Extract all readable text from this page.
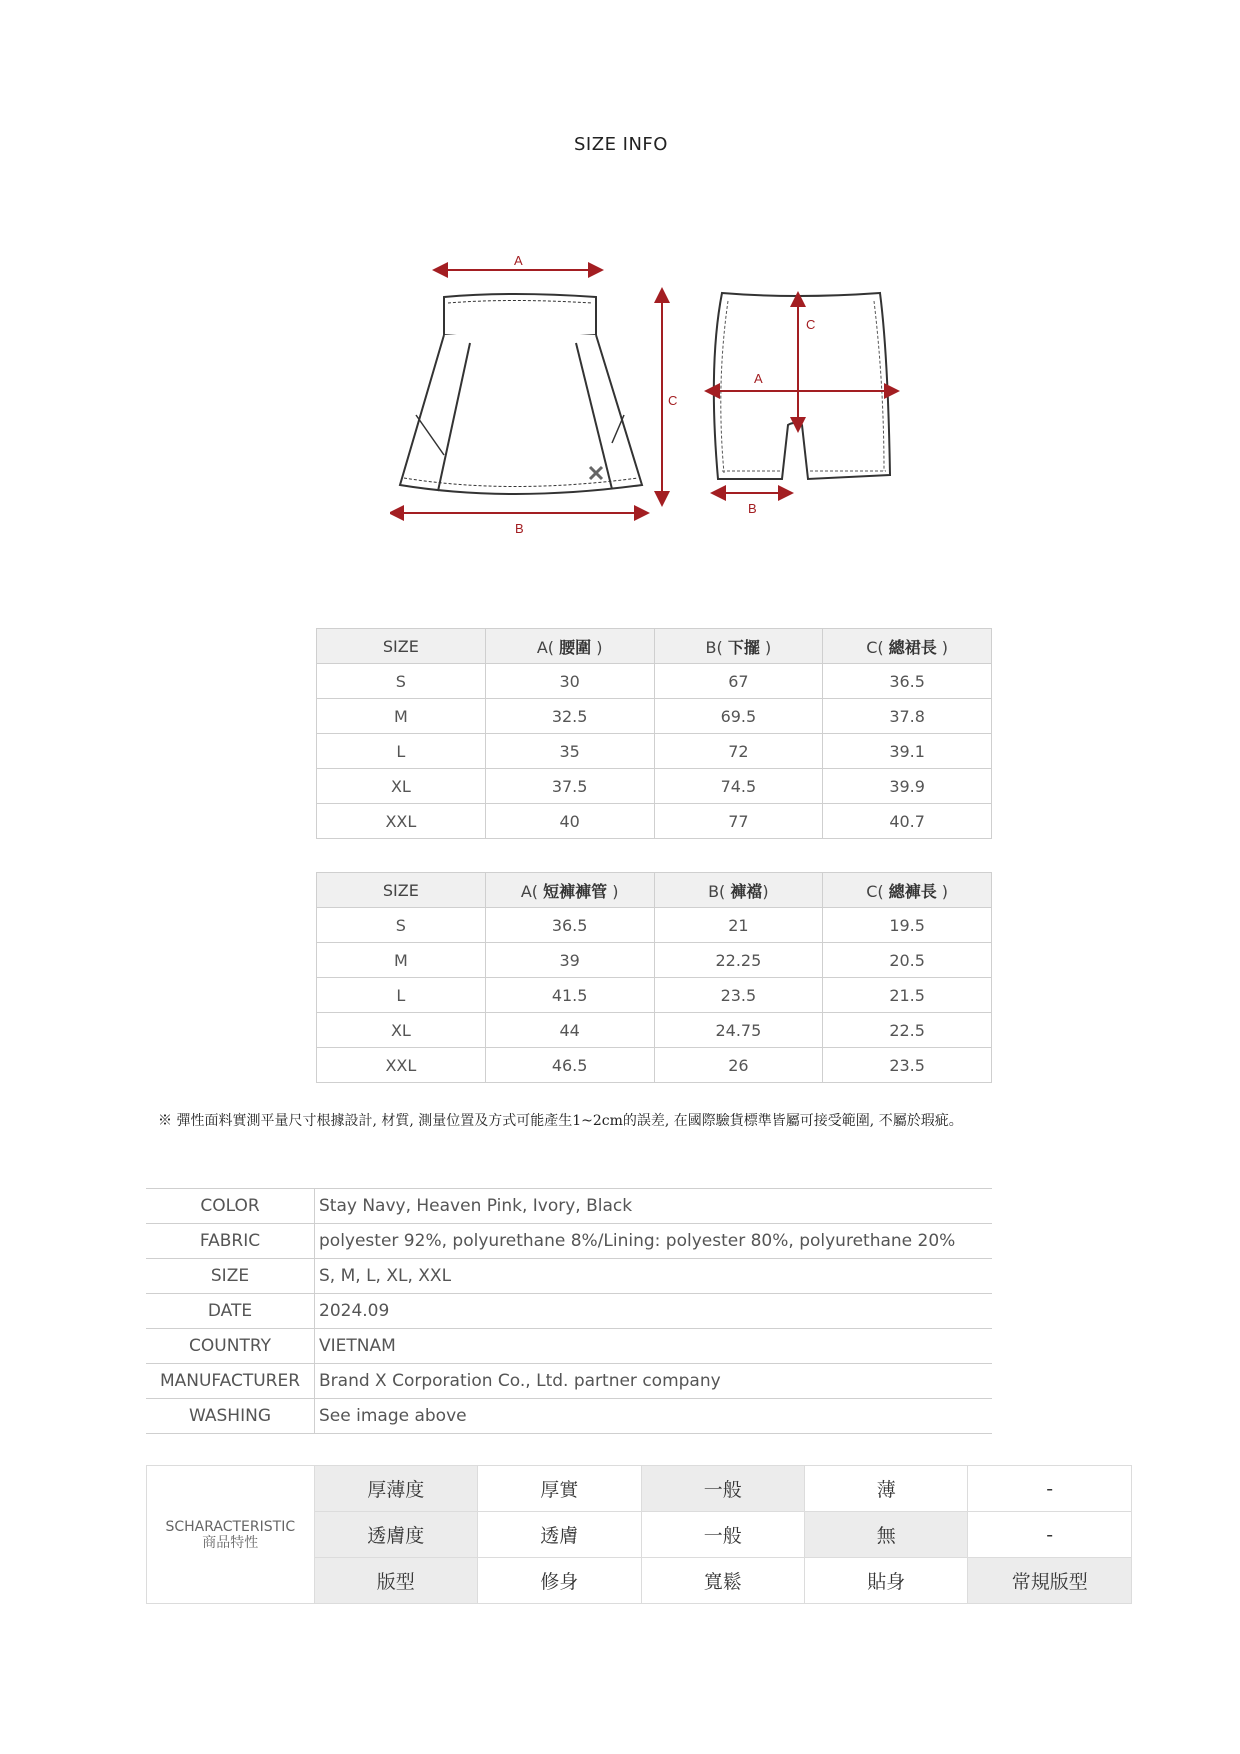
SIZE INFO
A
B
C
C
A
B
SIZE	A( 腰圍 )	B( 下擺 )	C( 總裙長 )
S	30	67	36.5
M	32.5	69.5	37.8
L	35	72	39.1
XL	37.5	74.5	39.9
XXL	40	77	40.7
SIZE	A( 短褲褲管 )	B( 褲襠)	C( 總褲長 )
S	36.5	21	19.5
M	39	22.25	20.5
L	41.5	23.5	21.5
XL	44	24.75	22.5
XXL	46.5	26	23.5
※ 彈性面料實測平量尺寸根據設計, 材質, 測量位置及方式可能產生1~2cm的誤差, 在國際驗貨標準皆屬可接受範圍, 不屬於瑕疵。
COLOR	Stay Navy, Heaven Pink, Ivory, Black
FABRIC	polyester 92%, polyurethane 8%/Lining: polyester 80%, polyurethane 20%
SIZE	S, M, L, XL, XXL
DATE	2024.09
COUNTRY	VIETNAM
MANUFACTURER	Brand X Corporation Co., Ltd. partner company
WASHING	See image above
SCHARACTERISTIC
商品特性	厚薄度	厚實	一般	薄	-
	透膚度	透膚	一般	無	-
	版型	修身	寬鬆	貼身	常規版型
